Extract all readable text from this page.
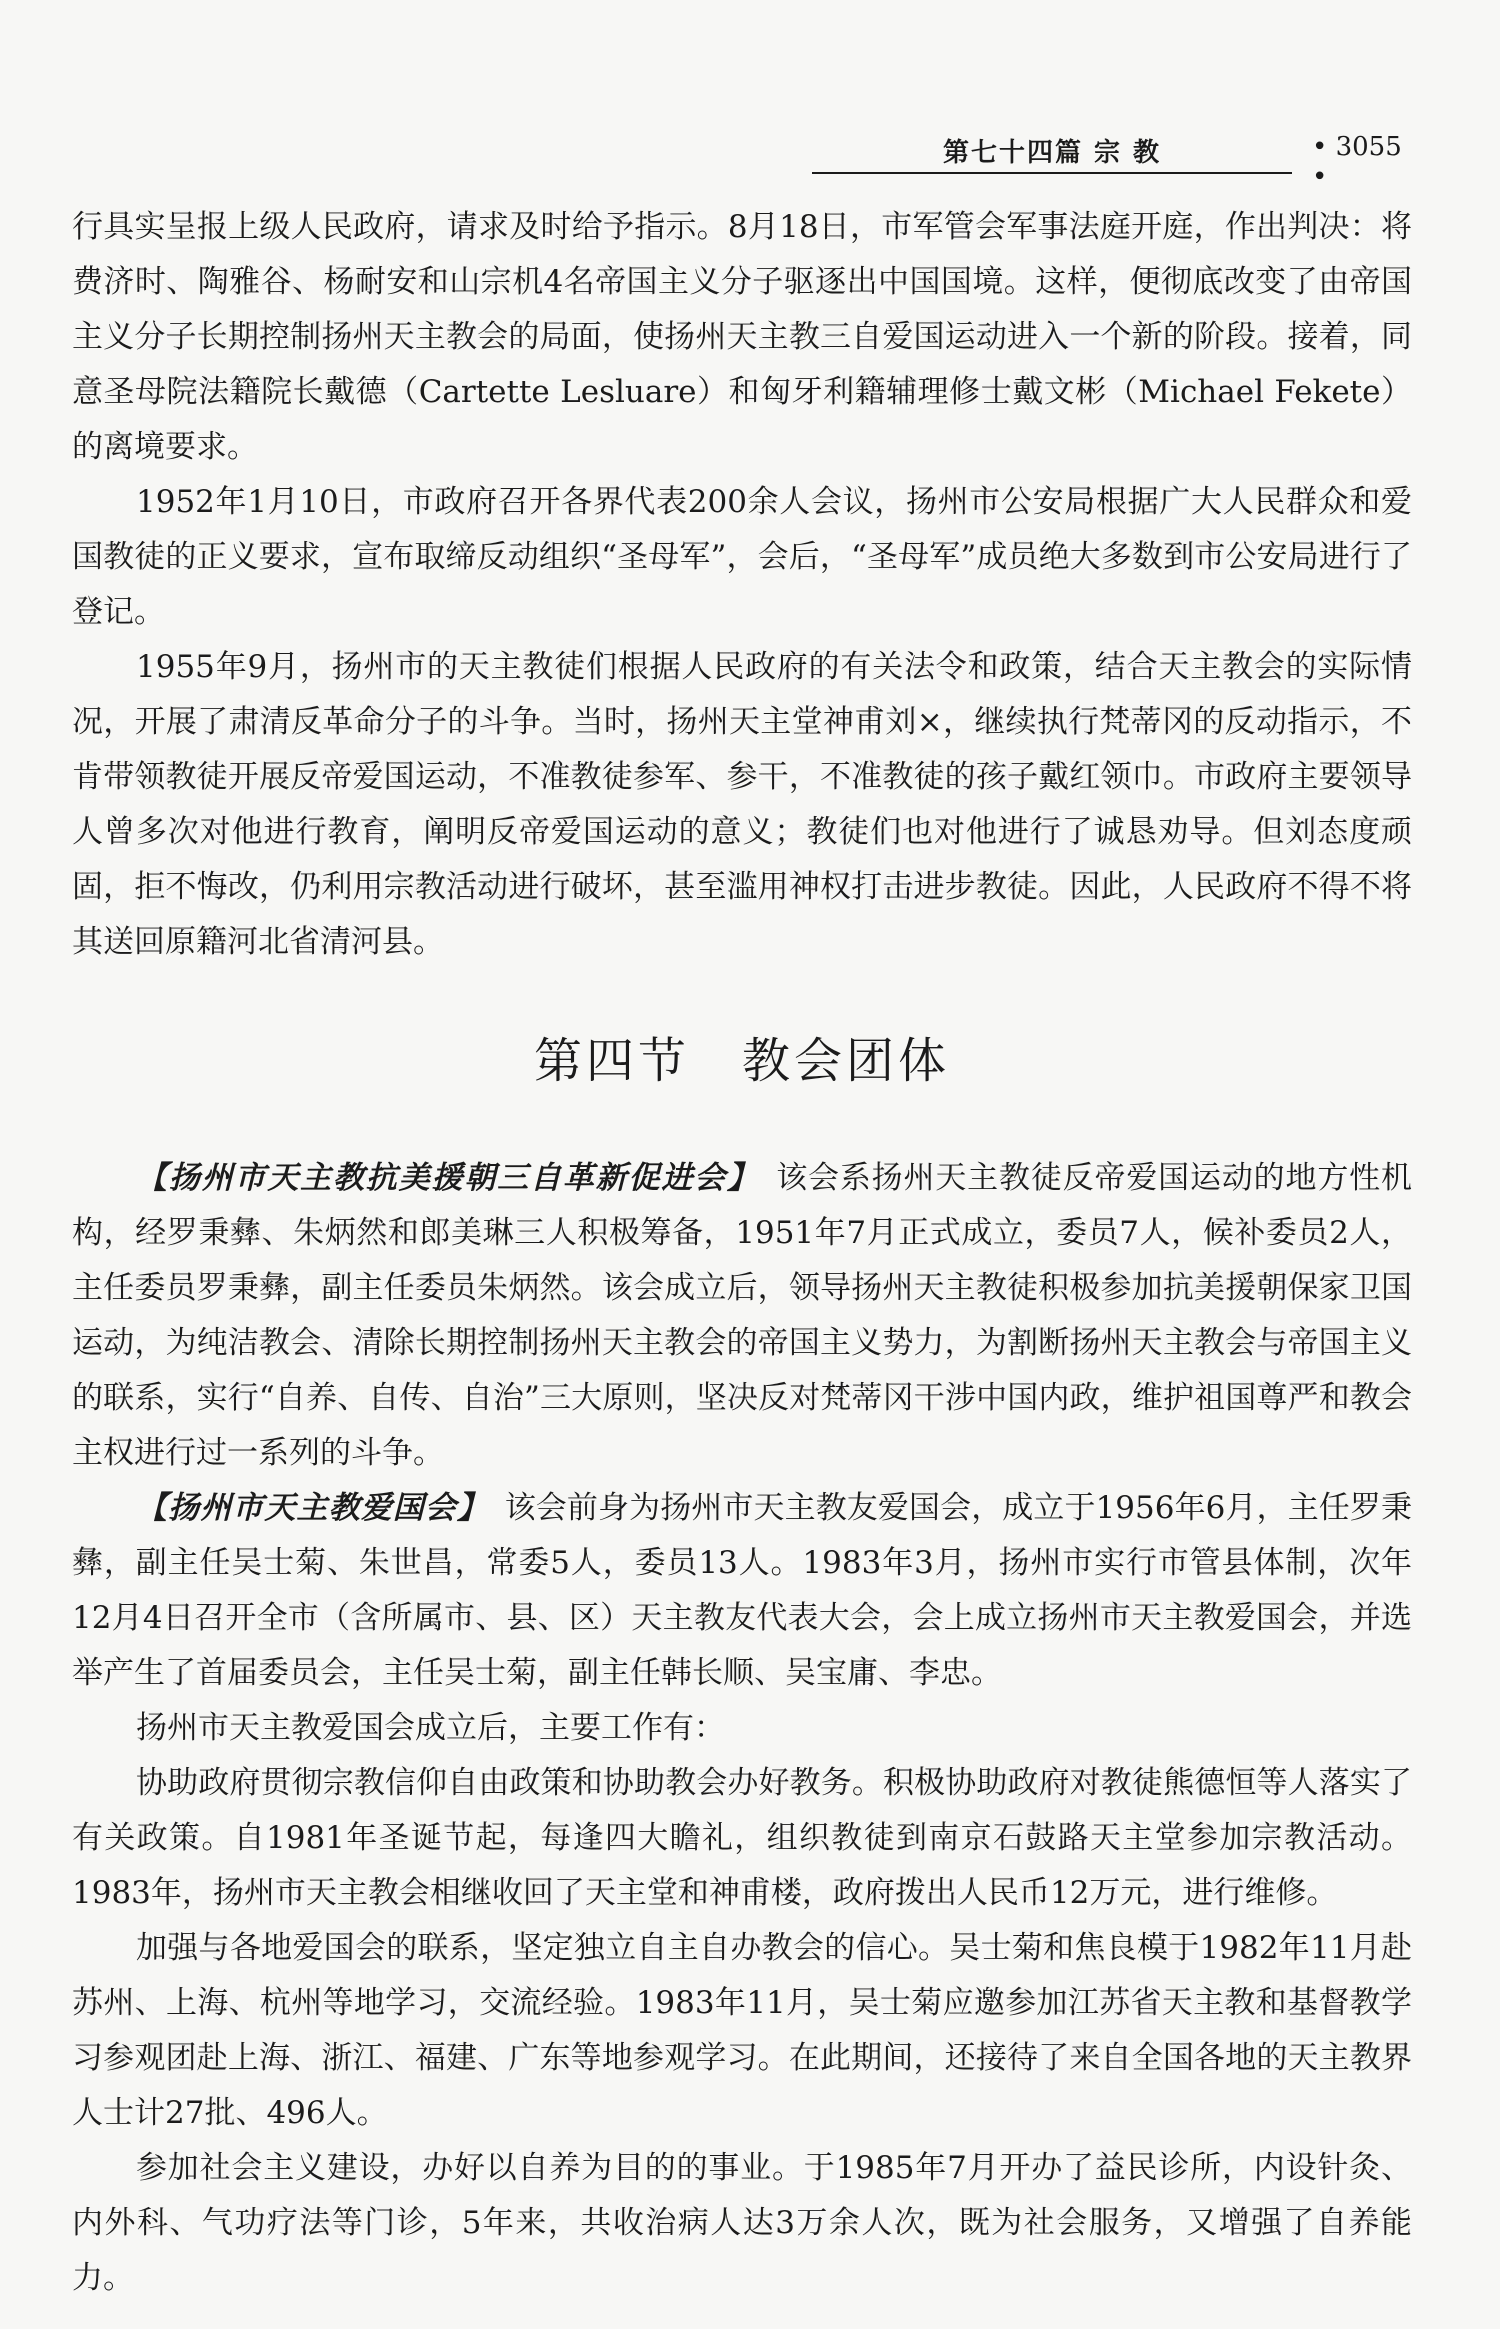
第七十四篇 宗 教	• 3055 •

行具实呈报上级人民政府，请求及时给予指示。8月18日，市军管会军事法庭开庭，作出判决：将费济时、陶雅谷、杨耐安和山宗机4名帝国主义分子驱逐出中国国境。这样，便彻底改变了由帝国主义分子长期控制扬州天主教会的局面，使扬州天主教三自爱国运动进入一个新的阶段。接着，同意圣母院法籍院长戴德（Cartette Lesluare）和匈牙利籍辅理修士戴文彬（Michael Fekete）的离境要求。

1952年1月10日，市政府召开各界代表200余人会议，扬州市公安局根据广大人民群众和爱国教徒的正义要求，宣布取缔反动组织“圣母军”，会后，“圣母军”成员绝大多数到市公安局进行了登记。

1955年9月，扬州市的天主教徒们根据人民政府的有关法令和政策，结合天主教会的实际情况，开展了肃清反革命分子的斗争。当时，扬州天主堂神甫刘×，继续执行梵蒂冈的反动指示，不肯带领教徒开展反帝爱国运动，不准教徒参军、参干，不准教徒的孩子戴红领巾。市政府主要领导人曾多次对他进行教育，阐明反帝爱国运动的意义；教徒们也对他进行了诚恳劝导。但刘态度顽固，拒不悔改，仍利用宗教活动进行破坏，甚至滥用神权打击进步教徒。因此，人民政府不得不将其送回原籍河北省清河县。

第四节　教会团体

【扬州市天主教抗美援朝三自革新促进会】　 该会系扬州天主教徒反帝爱国运动的地方性机构，经罗秉彝、朱炳然和郎美琳三人积极筹备，1951年7月正式成立，委员7人，候补委员2人，主任委员罗秉彝，副主任委员朱炳然。该会成立后，领导扬州天主教徒积极参加抗美援朝保家卫国运动，为纯洁教会、清除长期控制扬州天主教会的帝国主义势力，为割断扬州天主教会与帝国主义的联系，实行“自养、自传、自治”三大原则，坚决反对梵蒂冈干涉中国内政，维护祖国尊严和教会主权进行过一系列的斗争。

【扬州市天主教爱国会】　 该会前身为扬州市天主教友爱国会，成立于1956年6月，主任罗秉彝，副主任吴士菊、朱世昌，常委5人，委员13人。1983年3月，扬州市实行市管县体制，次年12月4日召开全市（含所属市、县、区）天主教友代表大会，会上成立扬州市天主教爱国会，并选举产生了首届委员会，主任吴士菊，副主任韩长顺、吴宝庸、李忠。

扬州市天主教爱国会成立后，主要工作有：

协助政府贯彻宗教信仰自由政策和协助教会办好教务。积极协助政府对教徒熊德恒等人落实了有关政策。自1981年圣诞节起，每逢四大瞻礼，组织教徒到南京石鼓路天主堂参加宗教活动。1983年，扬州市天主教会相继收回了天主堂和神甫楼，政府拨出人民币12万元，进行维修。

加强与各地爱国会的联系，坚定独立自主自办教会的信心。吴士菊和焦良模于1982年11月赴苏州、上海、杭州等地学习，交流经验。1983年11月，吴士菊应邀参加江苏省天主教和基督教学习参观团赴上海、浙江、福建、广东等地参观学习。在此期间，还接待了来自全国各地的天主教界人士计27批、496人。

参加社会主义建设，办好以自养为目的的事业。于1985年7月开办了益民诊所，内设针灸、内外科、气功疗法等门诊，5年来，共收治病人达3万余人次，既为社会服务，又增强了自养能力。
